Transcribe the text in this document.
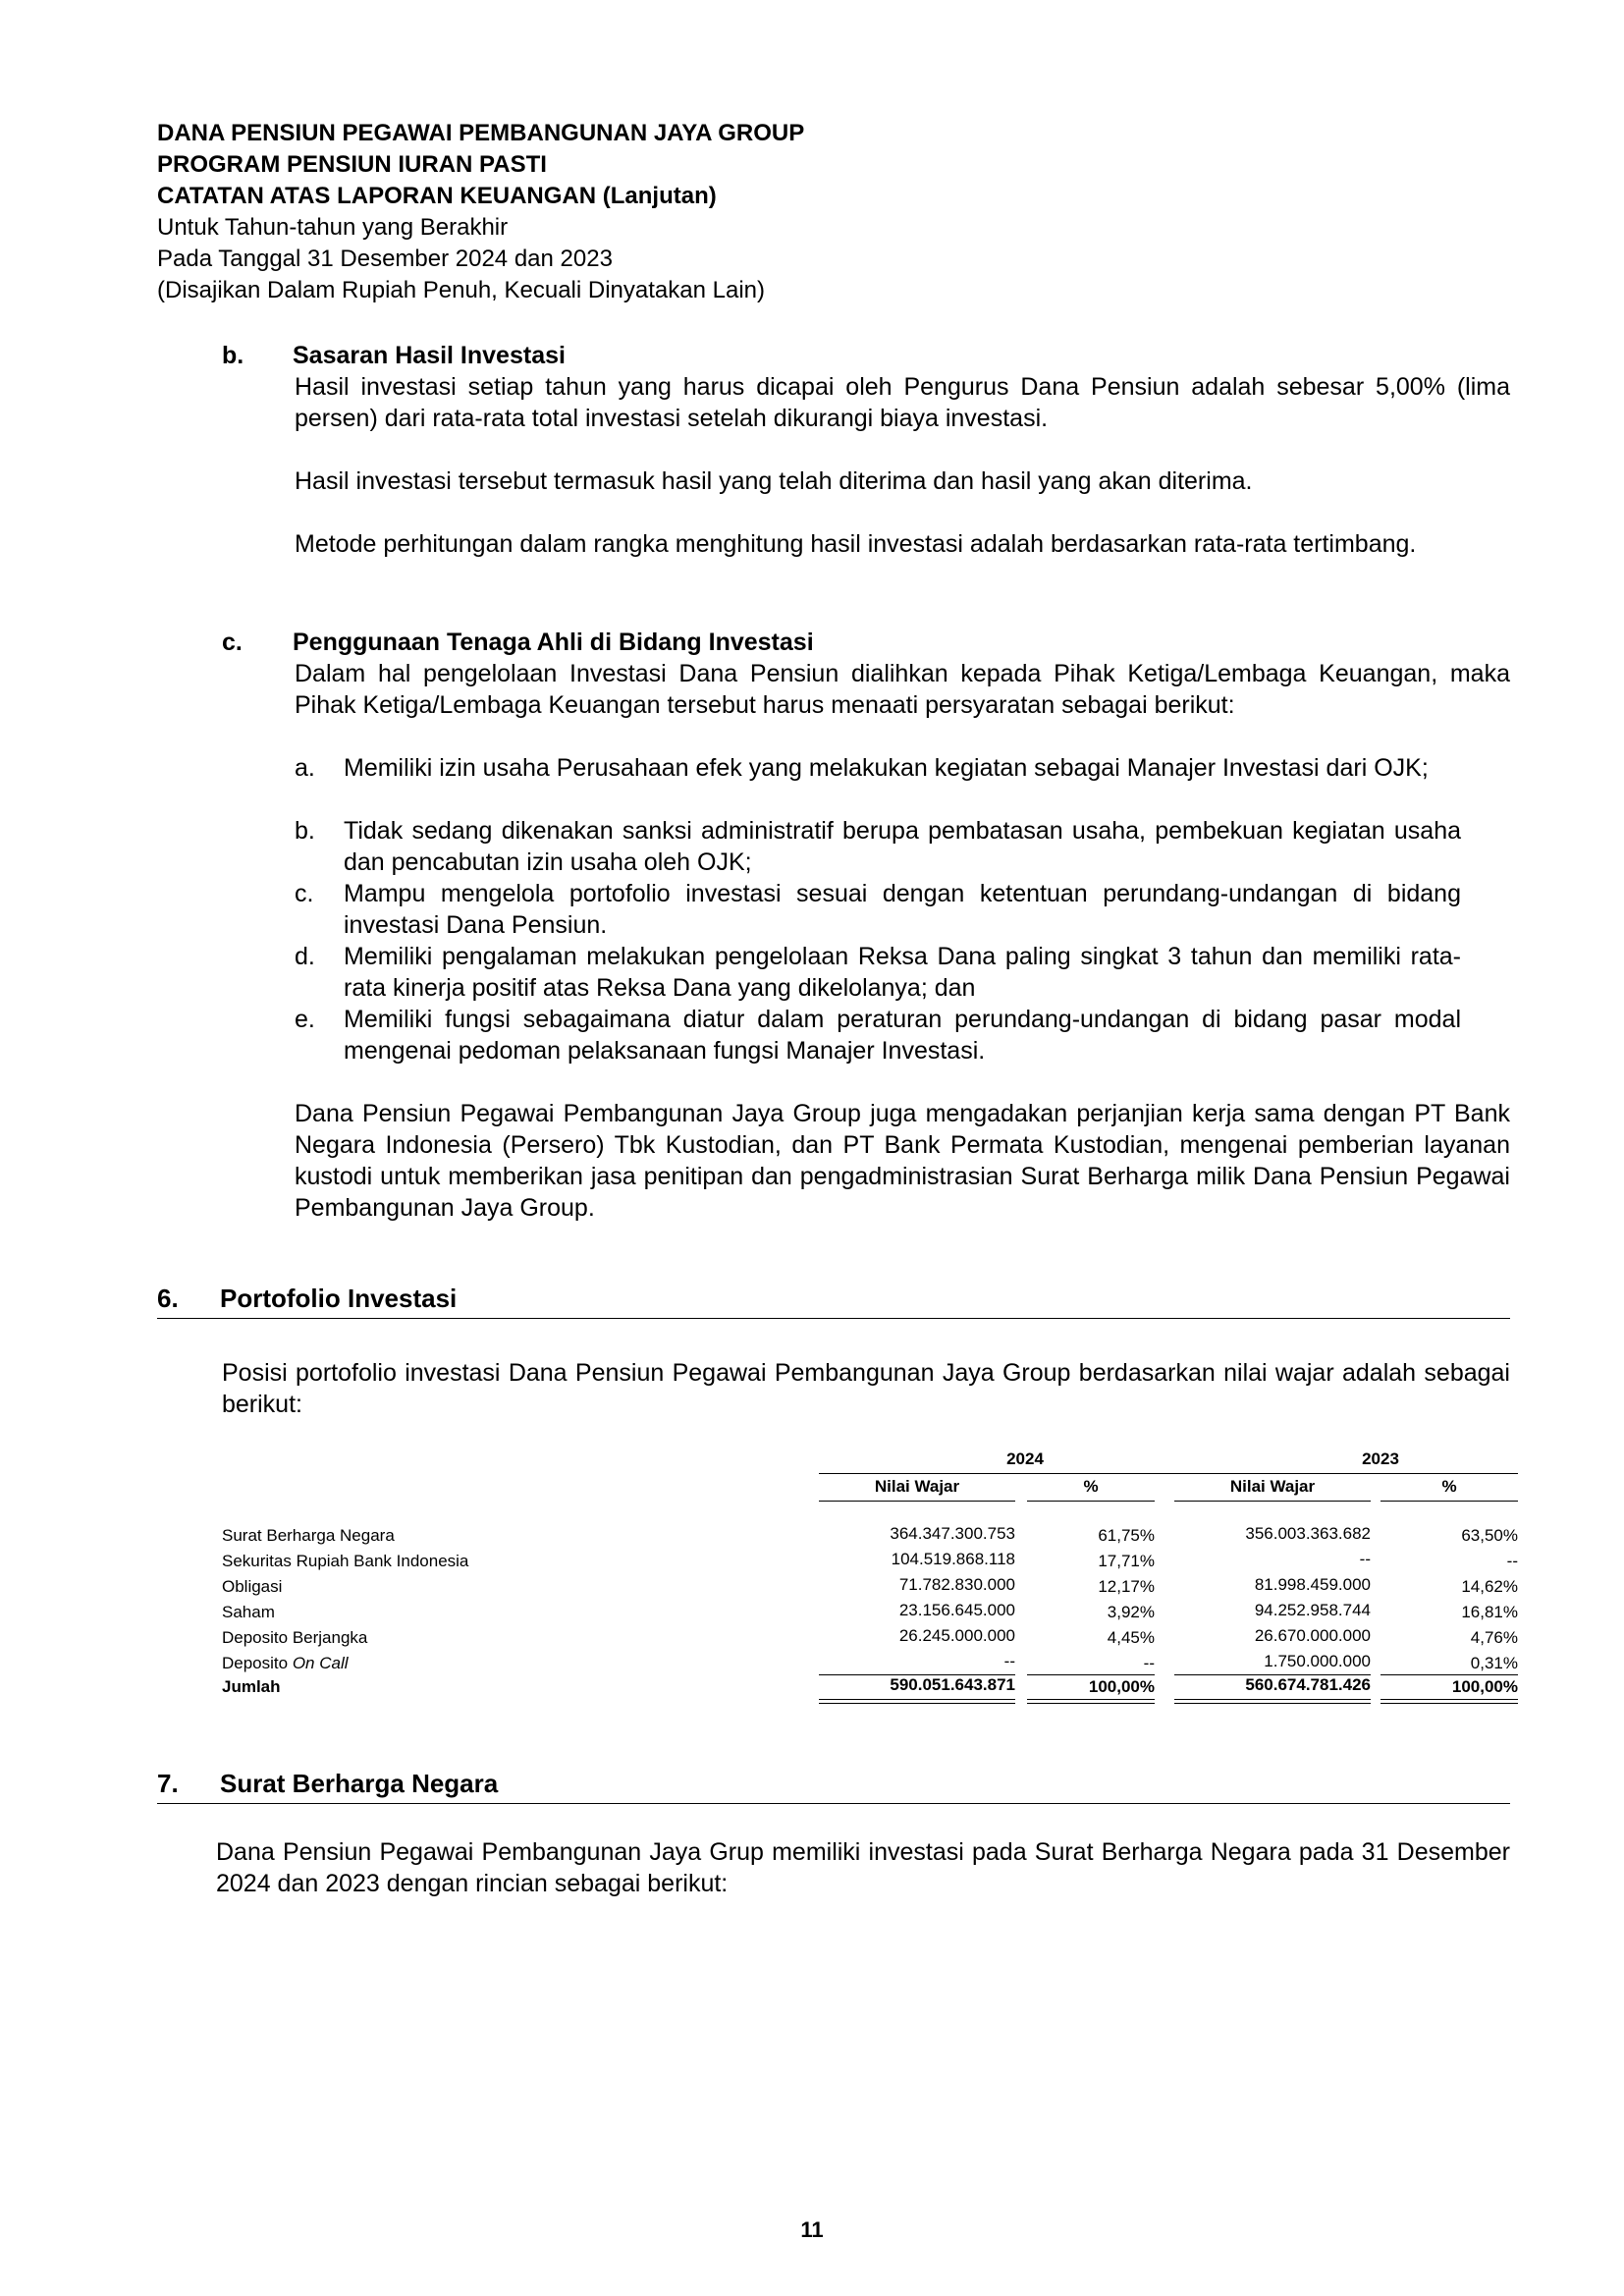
DANA PENSIUN PEGAWAI PEMBANGUNAN JAYA GROUP
PROGRAM PENSIUN IURAN PASTI
CATATAN ATAS LAPORAN KEUANGAN (Lanjutan)
Untuk Tahun-tahun yang Berakhir
Pada Tanggal 31 Desember 2024 dan 2023
(Disajikan Dalam Rupiah Penuh, Kecuali Dinyatakan Lain)
b. Sasaran Hasil Investasi
Hasil investasi setiap tahun yang harus dicapai oleh Pengurus Dana Pensiun adalah sebesar 5,00% (lima persen) dari rata-rata total investasi setelah dikurangi biaya investasi.
Hasil investasi tersebut termasuk hasil yang telah diterima dan hasil yang akan diterima.
Metode perhitungan dalam rangka menghitung hasil investasi adalah berdasarkan rata-rata tertimbang.
c. Penggunaan Tenaga Ahli di Bidang Investasi
Dalam hal pengelolaan Investasi Dana Pensiun dialihkan kepada Pihak Ketiga/Lembaga Keuangan, maka Pihak Ketiga/Lembaga Keuangan tersebut harus menaati persyaratan sebagai berikut:
a. Memiliki izin usaha Perusahaan efek yang melakukan kegiatan sebagai Manajer Investasi dari OJK;
b. Tidak sedang dikenakan sanksi administratif berupa pembatasan usaha, pembekuan kegiatan usaha dan pencabutan izin usaha oleh OJK;
c. Mampu mengelola portofolio investasi sesuai dengan ketentuan perundang-undangan di bidang investasi Dana Pensiun.
d. Memiliki pengalaman melakukan pengelolaan Reksa Dana paling singkat 3 tahun dan memiliki rata-rata kinerja positif atas Reksa Dana yang dikelolanya; dan
e. Memiliki fungsi sebagaimana diatur dalam peraturan perundang-undangan di bidang pasar modal mengenai pedoman pelaksanaan fungsi Manajer Investasi.
Dana Pensiun Pegawai Pembangunan Jaya Group juga mengadakan perjanjian kerja sama dengan PT Bank Negara Indonesia (Persero) Tbk Kustodian, dan PT Bank Permata Kustodian, mengenai pemberian layanan kustodi untuk memberikan jasa penitipan dan pengadministrasian Surat Berharga milik Dana Pensiun Pegawai Pembangunan Jaya Group.
6. Portofolio Investasi
Posisi portofolio investasi Dana Pensiun Pegawai Pembangunan Jaya Group berdasarkan nilai wajar adalah sebagai berikut:
2024	2023
Nilai Wajar	%	Nilai Wajar	%
Surat Berharga Negara	364.347.300.753	61,75%	356.003.363.682	63,50%
Sekuritas Rupiah Bank Indonesia	104.519.868.118	17,71%	--	--
Obligasi	71.782.830.000	12,17%	81.998.459.000	14,62%
Saham	23.156.645.000	3,92%	94.252.958.744	16,81%
Deposito Berjangka	26.245.000.000	4,45%	26.670.000.000	4,76%
Deposito On Call	--	--	1.750.000.000	0,31%
Jumlah	590.051.643.871	100,00%	560.674.781.426	100,00%
7. Surat Berharga Negara
Dana Pensiun Pegawai Pembangunan Jaya Grup memiliki investasi pada Surat Berharga Negara pada 31 Desember 2024 dan 2023 dengan rincian sebagai berikut:
11
